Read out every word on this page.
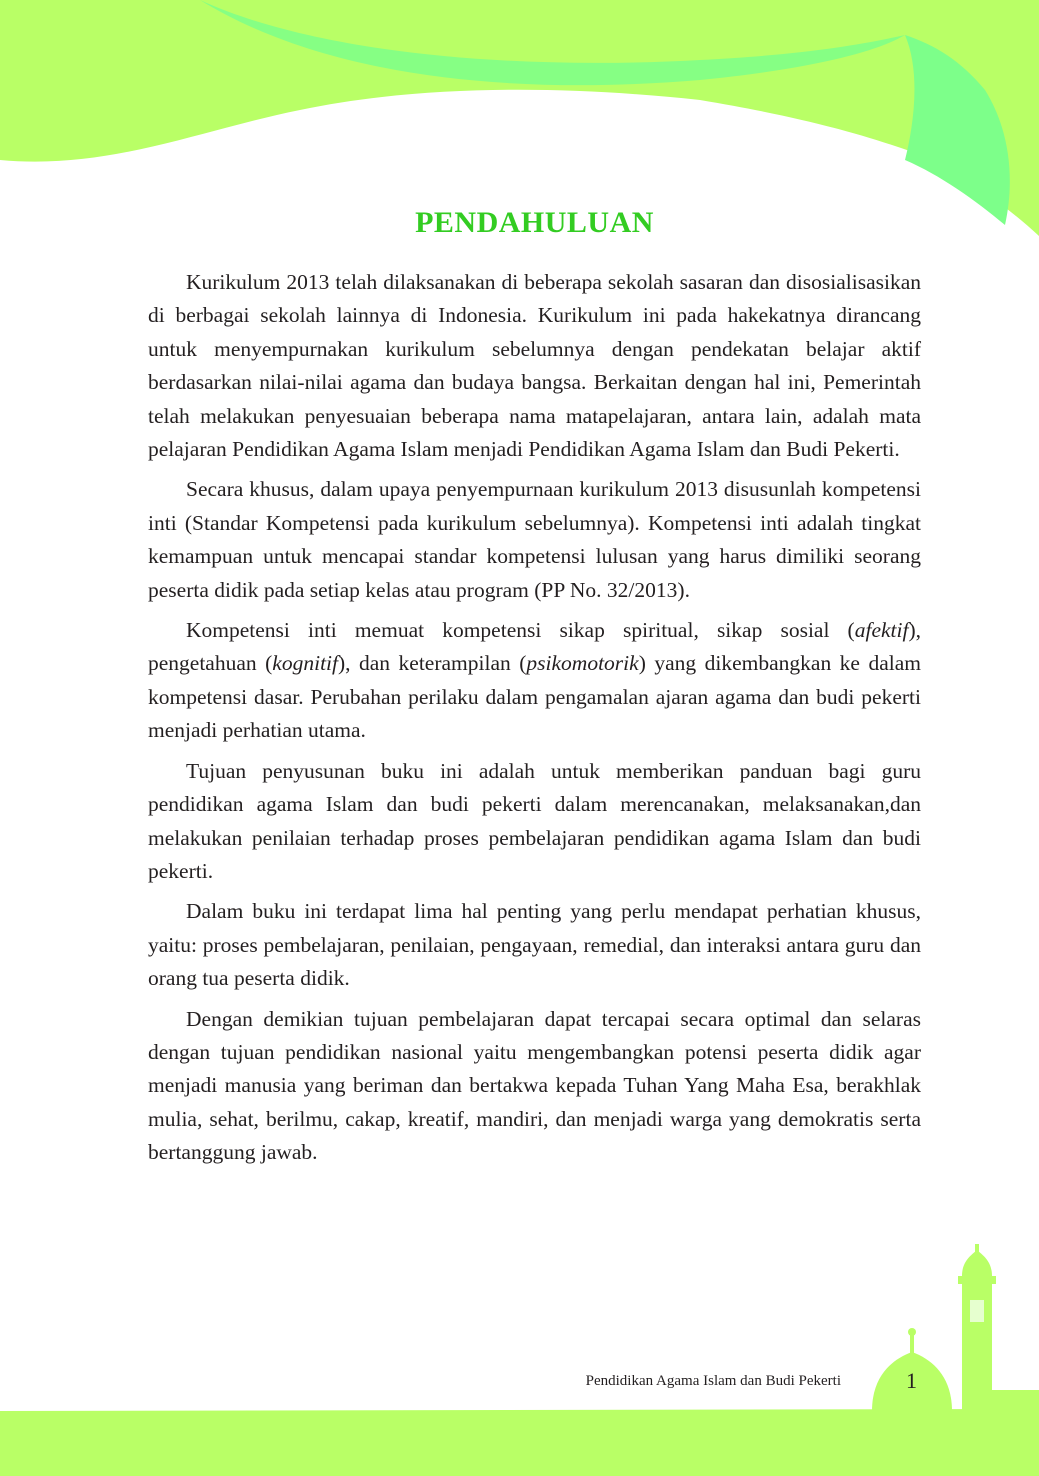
PENDAHULUAN

Kurikulum 2013 telah dilaksanakan di beberapa sekolah sasaran dan disosialisasikan di berbagai sekolah lainnya di Indonesia. Kurikulum ini pada hakekatnya dirancang untuk menyempurnakan kurikulum sebelumnya dengan pendekatan belajar aktif berdasarkan nilai-nilai agama dan budaya bangsa. Berkaitan dengan hal ini, Pemerintah telah melakukan penyesuaian beberapa nama matapelajaran, antara lain, adalah mata pelajaran Pendidikan Agama Islam menjadi Pendidikan Agama Islam dan Budi Pekerti.

Secara khusus, dalam upaya penyempurnaan kurikulum 2013 disusunlah kompetensi inti (Standar Kompetensi pada kurikulum sebelumnya). Kompetensi inti adalah tingkat kemampuan untuk mencapai standar kompetensi lulusan yang harus dimiliki seorang peserta didik pada setiap kelas atau program (PP No. 32/2013).

Kompetensi inti memuat kompetensi sikap spiritual, sikap sosial (afektif), pengetahuan (kognitif), dan keterampilan (psikomotorik) yang dikembangkan ke dalam kompetensi dasar. Perubahan perilaku dalam pengamalan ajaran agama dan budi pekerti menjadi perhatian utama.

Tujuan penyusunan buku ini adalah untuk memberikan panduan bagi guru pendidikan agama Islam dan budi pekerti dalam merencanakan, melaksanakan,dan melakukan penilaian terhadap proses pembelajaran pendidikan agama Islam dan budi pekerti.

Dalam buku ini terdapat lima hal penting yang perlu mendapat perhatian khusus, yaitu: proses pembelajaran, penilaian, pengayaan, remedial, dan interaksi antara guru dan orang tua peserta didik.

Dengan demikian tujuan pembelajaran dapat tercapai secara optimal dan selaras dengan tujuan pendidikan nasional yaitu mengembangkan potensi peserta didik agar menjadi manusia yang beriman dan bertakwa kepada Tuhan Yang Maha Esa, berakhlak mulia, sehat, berilmu, cakap, kreatif, mandiri, dan menjadi warga yang demokratis serta bertanggung jawab.

Pendidikan Agama Islam dan Budi Pekerti	1
